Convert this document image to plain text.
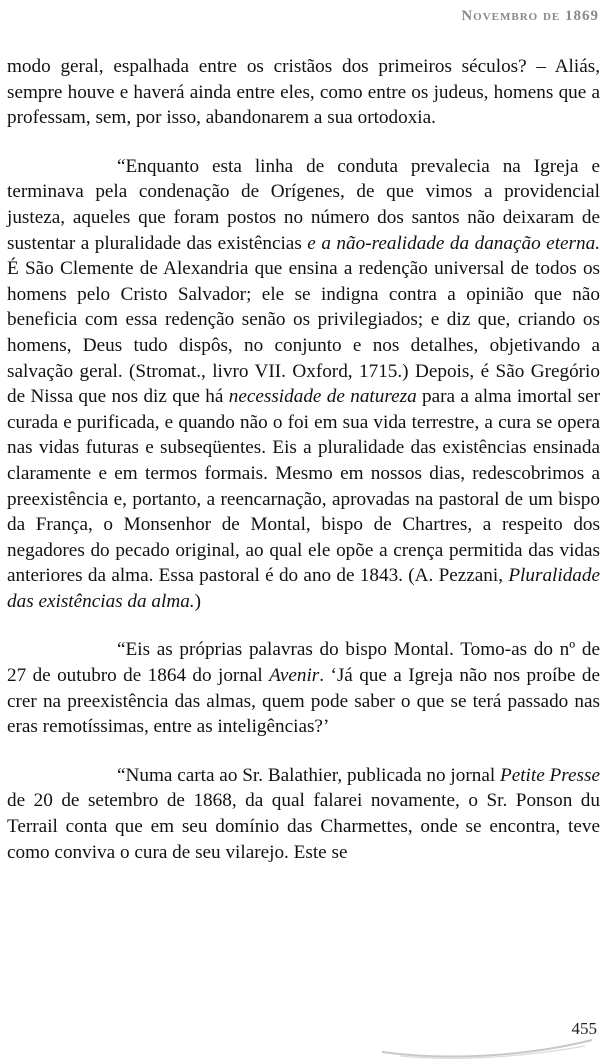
Novembro de 1869

modo geral, espalhada entre os cristãos dos primeiros séculos? – Aliás, sempre houve e haverá ainda entre eles, como entre os judeus, homens que a professam, sem, por isso, abandonarem a sua ortodoxia.

“Enquanto esta linha de conduta prevalecia na Igreja e terminava pela condenação de Orígenes, de que vimos a providencial justeza, aqueles que foram postos no número dos santos não deixaram de sustentar a pluralidade das existências e a não-realidade da danação eterna. É São Clemente de Alexandria que ensina a redenção universal de todos os homens pelo Cristo Salvador; ele se indigna contra a opinião que não beneficia com essa redenção senão os privilegiados; e diz que, criando os homens, Deus tudo dispôs, no conjunto e nos detalhes, objetivando a salvação geral. (Stromat., livro VII. Oxford, 1715.) Depois, é São Gregório de Nissa que nos diz que há necessidade de natureza para a alma imortal ser curada e purificada, e quando não o foi em sua vida terrestre, a cura se opera nas vidas futuras e subseqüentes. Eis a pluralidade das existências ensinada claramente e em termos formais. Mesmo em nossos dias, redescobrimos a preexistência e, portanto, a reencarnação, aprovadas na pastoral de um bispo da França, o Monsenhor de Montal, bispo de Chartres, a respeito dos negadores do pecado original, ao qual ele opõe a crença permitida das vidas anteriores da alma. Essa pastoral é do ano de 1843. (A. Pezzani, Pluralidade das existências da alma.)

“Eis as próprias palavras do bispo Montal. Tomo-as do nº de 27 de outubro de 1864 do jornal Avenir. ‘Já que a Igreja não nos proíbe de crer na preexistência das almas, quem pode saber o que se terá passado nas eras remotíssimas, entre as inteligências?’

“Numa carta ao Sr. Balathier, publicada no jornal Petite Presse de 20 de setembro de 1868, da qual falarei novamente, o Sr. Ponson du Terrail conta que em seu domínio das Charmettes, onde se encontra, teve como conviva o cura de seu vilarejo. Este se

455
